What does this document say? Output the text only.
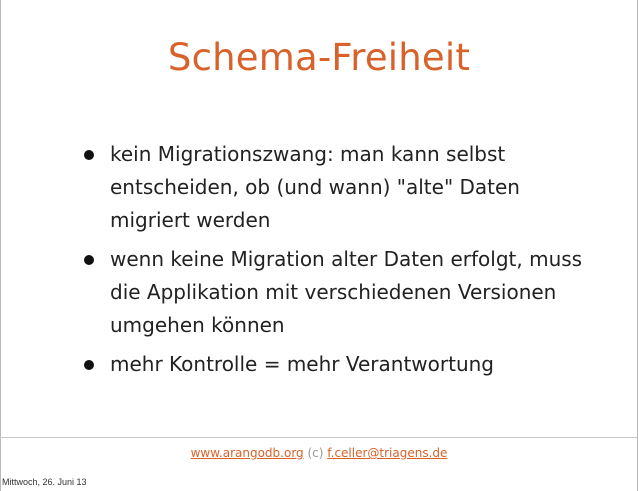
Schema-Freiheit
kein Migrationszwang: man kann selbst entscheiden, ob (und wann) "alte" Daten migriert werden
wenn keine Migration alter Daten erfolgt, muss die Applikation mit verschiedenen Versionen umgehen können
mehr Kontrolle = mehr Verantwortung
www.arangodb.org (c) f.celler@triagens.de
Mittwoch, 26. Juni 13
